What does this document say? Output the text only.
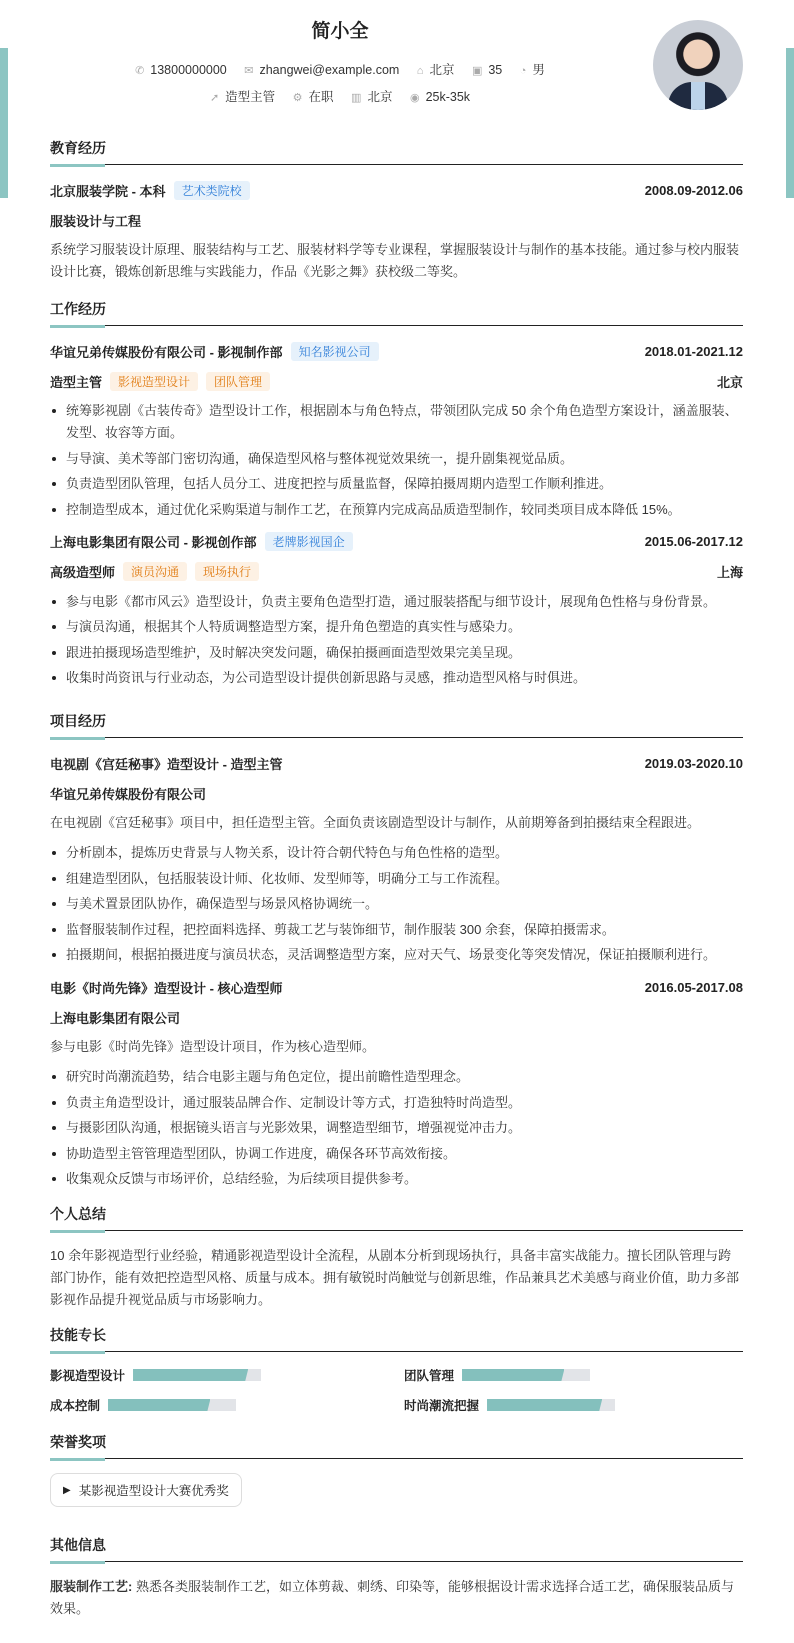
简小全
✆ 13800000000 ✉ zhangwei@example.com ⌂ 北京 ▣ 35 ◔ 男
➚ 造型主管 ⚙ 在职 ▥ 北京 ◉ 25k-35k
教育经历
北京服装学院 - 本科	艺术类院校	2008.09-2012.06
服装设计与工程
系统学习服装设计原理、服装结构与工艺、服装材料学等专业课程，掌握服装设计与制作的基本技能。通过参与校内服装设计比赛，锻炼创新思维与实践能力，作品《光影之舞》获校级二等奖。
工作经历
华谊兄弟传媒股份有限公司 - 影视制作部	知名影视公司	2018.01-2021.12
造型主管	影视造型设计	团队管理	北京
统筹影视剧《古装传奇》造型设计工作，根据剧本与角色特点，带领团队完成 50 余个角色造型方案设计，涵盖服装、发型、妆容等方面。
与导演、美术等部门密切沟通，确保造型风格与整体视觉效果统一，提升剧集视觉品质。
负责造型团队管理，包括人员分工、进度把控与质量监督，保障拍摄周期内造型工作顺利推进。
控制造型成本，通过优化采购渠道与制作工艺，在预算内完成高品质造型制作，较同类项目成本降低 15%。
上海电影集团有限公司 - 影视创作部	老牌影视国企	2015.06-2017.12
高级造型师	演员沟通	现场执行	上海
参与电影《都市风云》造型设计，负责主要角色造型打造，通过服装搭配与细节设计，展现角色性格与身份背景。
与演员沟通，根据其个人特质调整造型方案，提升角色塑造的真实性与感染力。
跟进拍摄现场造型维护，及时解决突发问题，确保拍摄画面造型效果完美呈现。
收集时尚资讯与行业动态，为公司造型设计提供创新思路与灵感，推动造型风格与时俱进。
项目经历
电视剧《宫廷秘事》造型设计 - 造型主管	2019.03-2020.10
华谊兄弟传媒股份有限公司
在电视剧《宫廷秘事》项目中，担任造型主管。全面负责该剧造型设计与制作，从前期筹备到拍摄结束全程跟进。
分析剧本，提炼历史背景与人物关系，设计符合朝代特色与角色性格的造型。
组建造型团队，包括服装设计师、化妆师、发型师等，明确分工与工作流程。
与美术置景团队协作，确保造型与场景风格协调统一。
监督服装制作过程，把控面料选择、剪裁工艺与装饰细节，制作服装 300 余套，保障拍摄需求。
拍摄期间，根据拍摄进度与演员状态，灵活调整造型方案，应对天气、场景变化等突发情况，保证拍摄顺利进行。
电影《时尚先锋》造型设计 - 核心造型师	2016.05-2017.08
上海电影集团有限公司
参与电影《时尚先锋》造型设计项目，作为核心造型师。
研究时尚潮流趋势，结合电影主题与角色定位，提出前瞻性造型理念。
负责主角造型设计，通过服装品牌合作、定制设计等方式，打造独特时尚造型。
与摄影团队沟通，根据镜头语言与光影效果，调整造型细节，增强视觉冲击力。
协助造型主管管理造型团队，协调工作进度，确保各环节高效衔接。
收集观众反馈与市场评价，总结经验，为后续项目提供参考。
个人总结
10 余年影视造型行业经验，精通影视造型设计全流程，从剧本分析到现场执行，具备丰富实战能力。擅长团队管理与跨部门协作，能有效把控造型风格、质量与成本。拥有敏锐时尚触觉与创新思维，作品兼具艺术美感与商业价值，助力多部影视作品提升视觉品质与市场影响力。
技能专长
影视造型设计	团队管理
成本控制	时尚潮流把握
荣誉奖项
▶ 某影视造型设计大赛优秀奖
其他信息
服装制作工艺: 熟悉各类服装制作工艺，如立体剪裁、刺绣、印染等，能够根据设计需求选择合适工艺，确保服装品质与效果。
